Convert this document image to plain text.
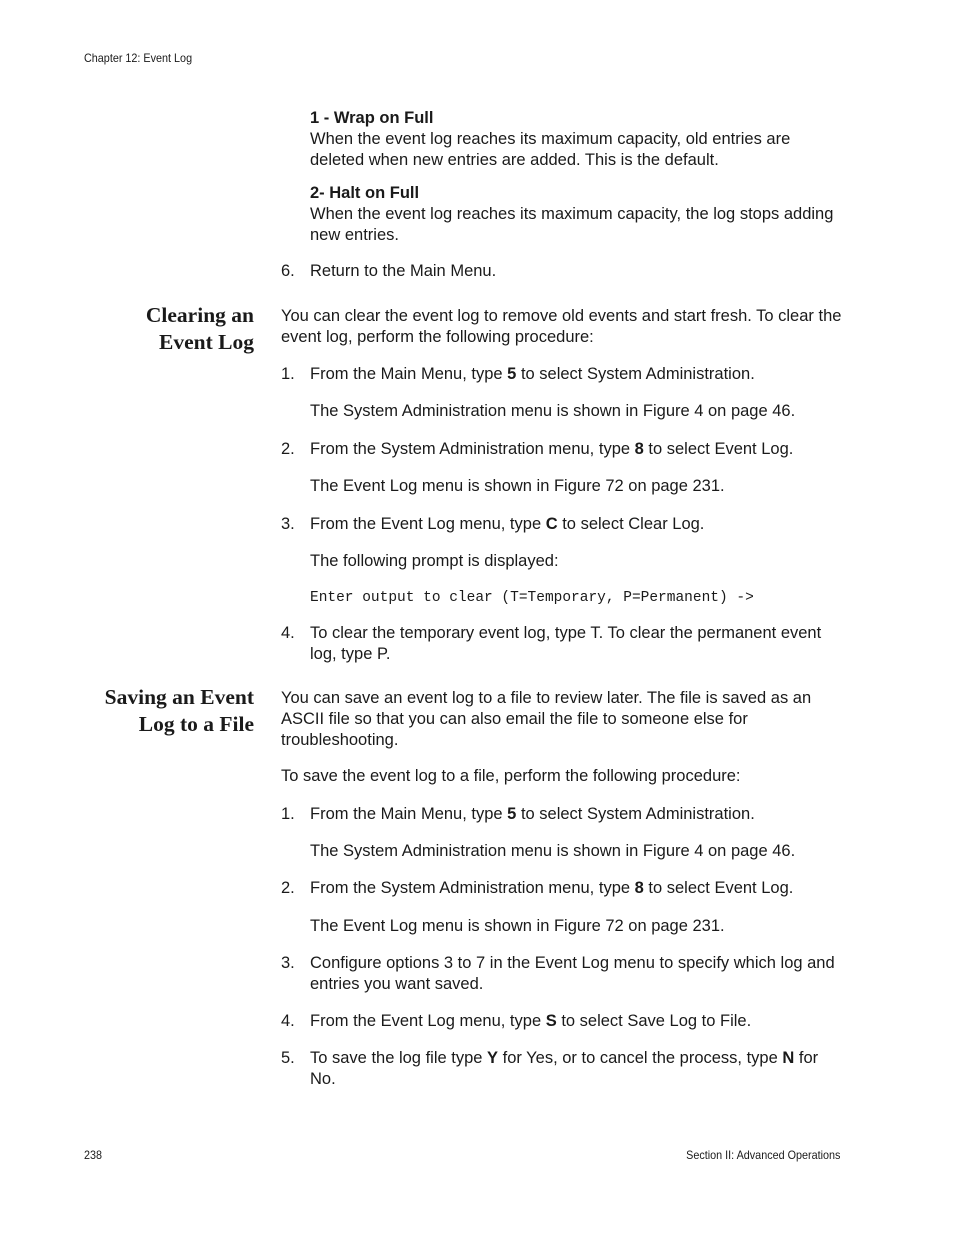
Chapter 12: Event Log
1 - Wrap on Full
When the event log reaches its maximum capacity, old entries are deleted when new entries are added. This is the default.
2- Halt on Full
When the event log reaches its maximum capacity, the log stops adding new entries.
6. Return to the Main Menu.
Clearing an
Event Log
You can clear the event log to remove old events and start fresh. To clear the event log, perform the following procedure:
1. From the Main Menu, type 5 to select System Administration.
The System Administration menu is shown in Figure 4 on page 46.
2. From the System Administration menu, type 8 to select Event Log.
The Event Log menu is shown in Figure 72 on page 231.
3. From the Event Log menu, type C to select Clear Log.
The following prompt is displayed:
Enter output to clear (T=Temporary, P=Permanent) ->
4. To clear the temporary event log, type T. To clear the permanent event log, type P.
Saving an Event
Log to a File
You can save an event log to a file to review later. The file is saved as an ASCII file so that you can also email the file to someone else for troubleshooting.
To save the event log to a file, perform the following procedure:
1. From the Main Menu, type 5 to select System Administration.
The System Administration menu is shown in Figure 4 on page 46.
2. From the System Administration menu, type 8 to select Event Log.
The Event Log menu is shown in Figure 72 on page 231.
3. Configure options 3 to 7 in the Event Log menu to specify which log and entries you want saved.
4. From the Event Log menu, type S to select Save Log to File.
5. To save the log file type Y for Yes, or to cancel the process, type N for No.
238	Section II: Advanced Operations
